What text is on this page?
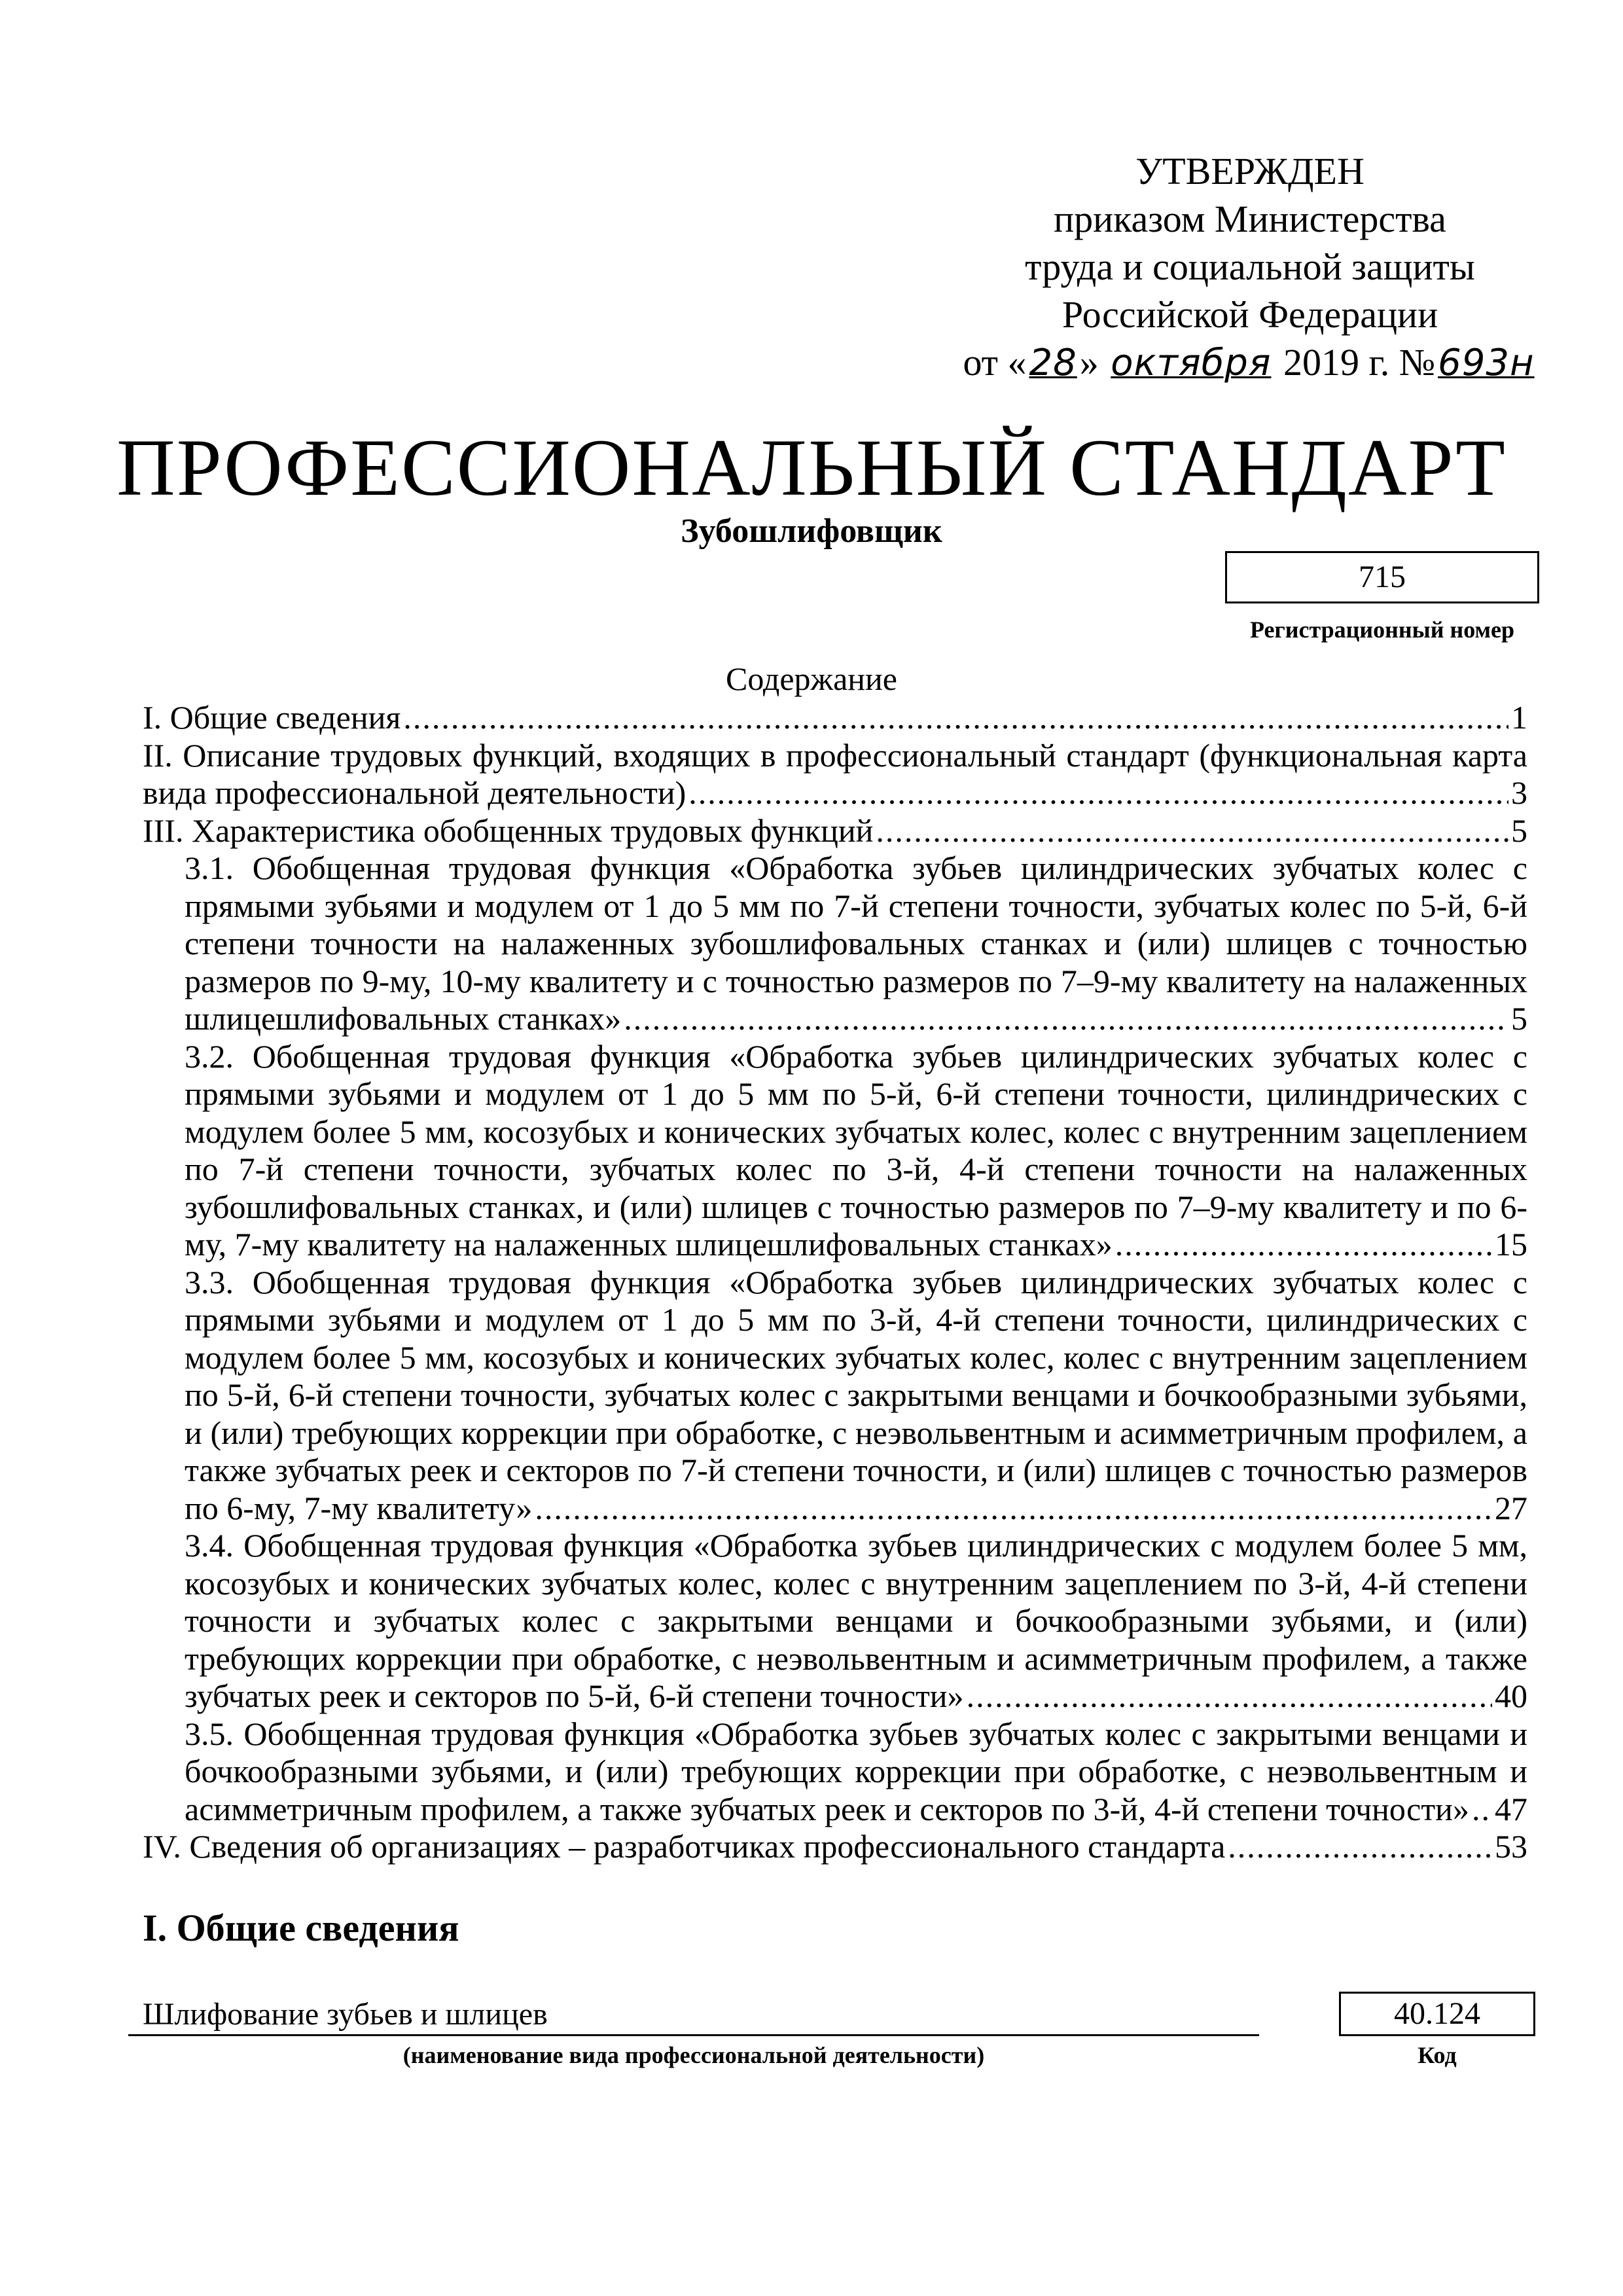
УТВЕРЖДЕН
приказом Министерства
труда и социальной защиты
Российской Федерации
от «28» октября 2019 г. №693н
ПРОФЕССИОНАЛЬНЫЙ СТАНДАРТ
Зубошлифовщик
715
Регистрационный номер
Содержание
I. Общие сведения .....	1
II. Описание трудовых функций, входящих в профессиональный стандарт (функциональная карта
вида профессиональной деятельности) .....	3
III. Характеристика обобщенных трудовых функций .....	5
3.1. Обобщенная трудовая функция «Обработка зубьев цилиндрических зубчатых колес с прямыми зубьями и модулем от 1 до 5 мм по 7-й степени точности, зубчатых колес по 5-й, 6-й степени точности на налаженных зубошлифовальных станках и (или) шлицев с точностью размеров по 9-му, 10-му квалитету и с точностью размеров по 7–9-му квалитету на налаженных
шлицешлифовальных станках» .....	5
3.2. Обобщенная трудовая функция «Обработка зубьев цилиндрических зубчатых колес с прямыми зубьями и модулем от 1 до 5 мм по 5-й, 6-й степени точности, цилиндрических с модулем более 5 мм, косозубых и конических зубчатых колес, колес с внутренним зацеплением по 7-й степени точности, зубчатых колес по 3-й, 4-й степени точности на налаженных зубошлифовальных станках, и (или) шлицев с точностью размеров по 7–9-му квалитету и по 6-
му, 7-му квалитету на налаженных шлицешлифовальных станках» .....	15
3.3. Обобщенная трудовая функция «Обработка зубьев цилиндрических зубчатых колес с прямыми зубьями и модулем от 1 до 5 мм по 3-й, 4-й степени точности, цилиндрических с модулем более 5 мм, косозубых и конических зубчатых колес, колес с внутренним зацеплением по 5-й, 6-й степени точности, зубчатых колес с закрытыми венцами и бочкообразными зубьями, и (или) требующих коррекции при обработке, с неэвольвентным и асимметричным профилем, а также зубчатых реек и секторов по 7-й степени точности, и (или) шлицев с точностью размеров
по 6-му, 7-му квалитету» .....	27
3.4. Обобщенная трудовая функция «Обработка зубьев цилиндрических с модулем более 5 мм, косозубых и конических зубчатых колес, колес с внутренним зацеплением по 3-й, 4-й степени точности и зубчатых колес с закрытыми венцами и бочкообразными зубьями, и (или) требующих коррекции при обработке, с неэвольвентным и асимметричным профилем, а также
зубчатых реек и секторов по 5-й, 6-й степени точности» .....	40
3.5. Обобщенная трудовая функция «Обработка зубьев зубчатых колес с закрытыми венцами и бочкообразными зубьями, и (или) требующих коррекции при обработке, с неэвольвентным и
асимметричным профилем, а также зубчатых реек и секторов по 3-й, 4-й степени точности» ..... 47
IV. Сведения об организациях – разработчиках профессионального стандарта .....	53
I. Общие сведения
Шлифование зубьев и шлицев
(наименование вида профессиональной деятельности)
40.124
Код
